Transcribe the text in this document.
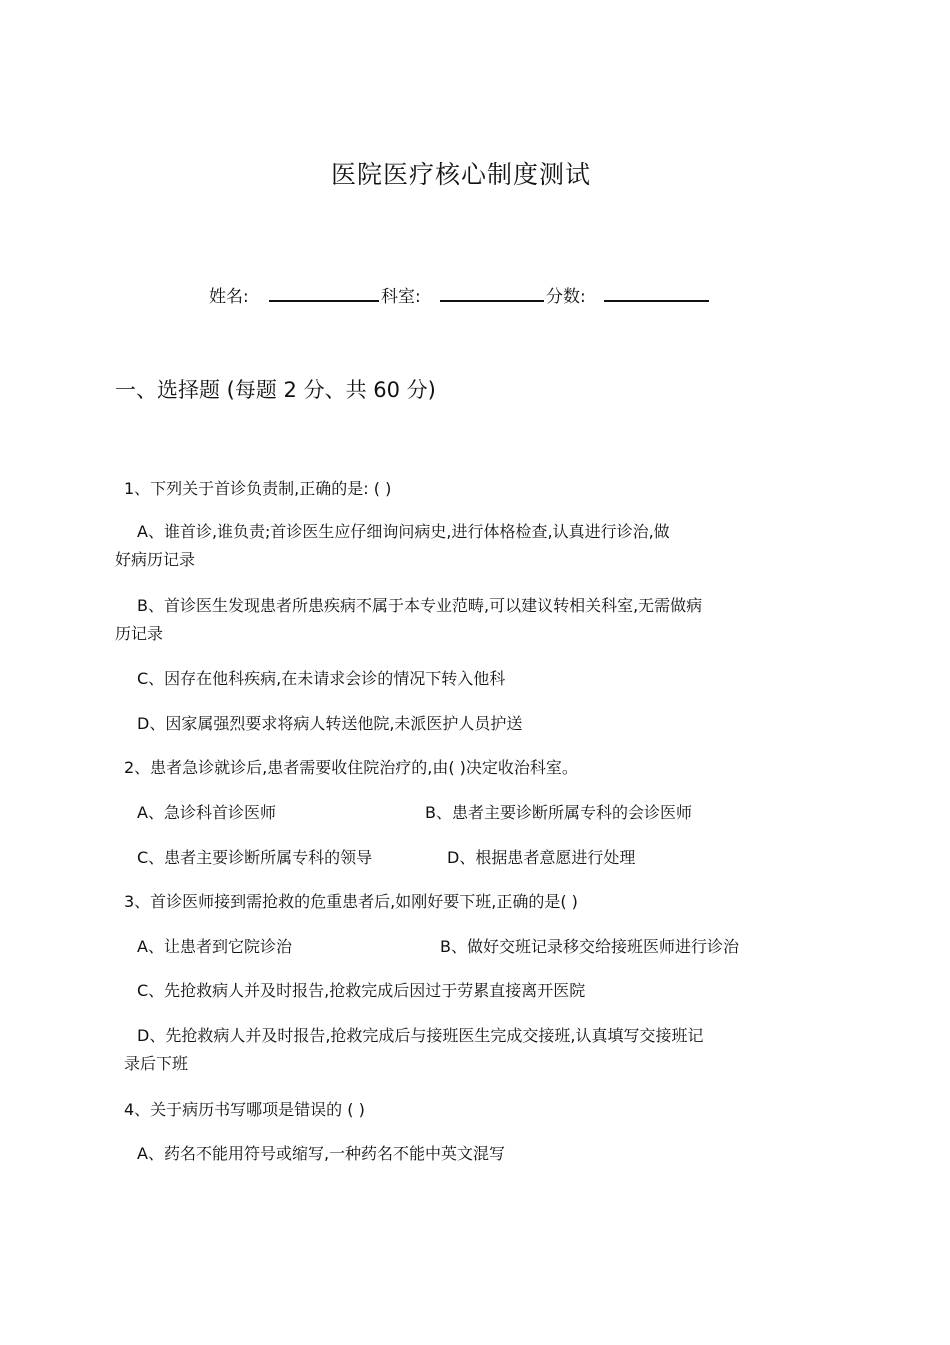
医院医疗核心制度测试
姓名:	科室:	分数:
一、选择题 (每题 2 分、共 60 分)
1、下列关于首诊负责制,正确的是: ( )
A、谁首诊,谁负责;首诊医生应仔细询问病史,进行体格检查,认真进行诊治,做
好病历记录
B、首诊医生发现患者所患疾病不属于本专业范畴,可以建议转相关科室,无需做病
历记录
C、因存在他科疾病,在未请求会诊的情况下转入他科
D、因家属强烈要求将病人转送他院,未派医护人员护送
2、患者急诊就诊后,患者需要收住院治疗的,由( )决定收治科室。
A、急诊科首诊医师	B、患者主要诊断所属专科的会诊医师
C、患者主要诊断所属专科的领导	D、根据患者意愿进行处理
3、首诊医师接到需抢救的危重患者后,如刚好要下班,正确的是( )
A、让患者到它院诊治	B、做好交班记录移交给接班医师进行诊治
C、先抢救病人并及时报告,抢救完成后因过于劳累直接离开医院
D、先抢救病人并及时报告,抢救完成后与接班医生完成交接班,认真填写交接班记
录后下班
4、关于病历书写哪项是错误的 ( )
A、药名不能用符号或缩写,一种药名不能中英文混写
